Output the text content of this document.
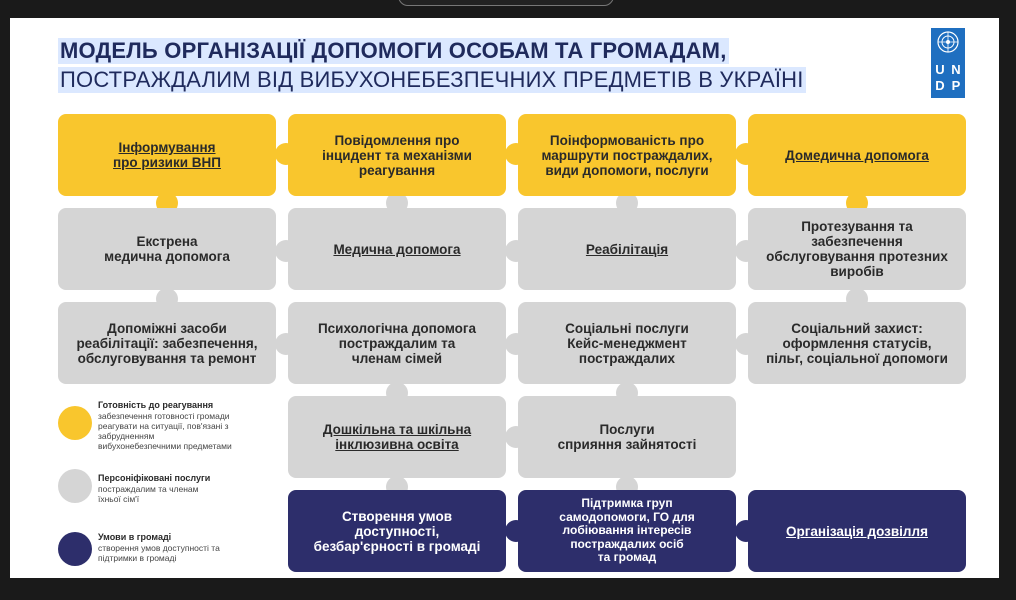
МОДЕЛЬ ОРГАНІЗАЦІЇ ДОПОМОГИ ОСОБАМ ТА ГРОМАДАМ,
ПОСТРАЖДАЛИМ ВІД ВИБУХОНЕБЕЗПЕЧНИХ ПРЕДМЕТІВ В УКРАЇНІ	U N
D P
Інформування
про ризики ВНП
Повідомлення про
інцидент та механізми
реагування
Поінформованість про
маршрути постраждалих,
види допомоги, послуги
Домедична допомога
Екстрена
медична допомога	Медична допомога	Реабілітація
Протезування та
забезпечення
обслуговування протезних
виробів
Допоміжні засоби
реабілітації: забезпечення,
обслуговування та ремонт
Психологічна допомога
постраждалим та
членам сімей
Соціальні послуги
Кейс-менеджмент
постраждалих
Соціальний захист:
оформлення статусів,
пільг, соціальної допомоги
Дошкільна та шкільна
інклюзивна освіта
Послуги
сприяння зайнятості
Створення умов
доступності,
безбар'єрності в громаді
Підтримка груп
самодопомоги, ГО для
лобіювання інтересів
постраждалих осіб
та громад
Організація дозвілля
Готовність до реагування
забезпечення готовності громади
реагувати на ситуації, пов'язані з
забрудненням
вибухонебезпечними предметами
Персоніфіковані послуги
постраждалим та членам
їхньої сім'ї
Умови в громаді
створення умов доступності та
підтримки в громаді
